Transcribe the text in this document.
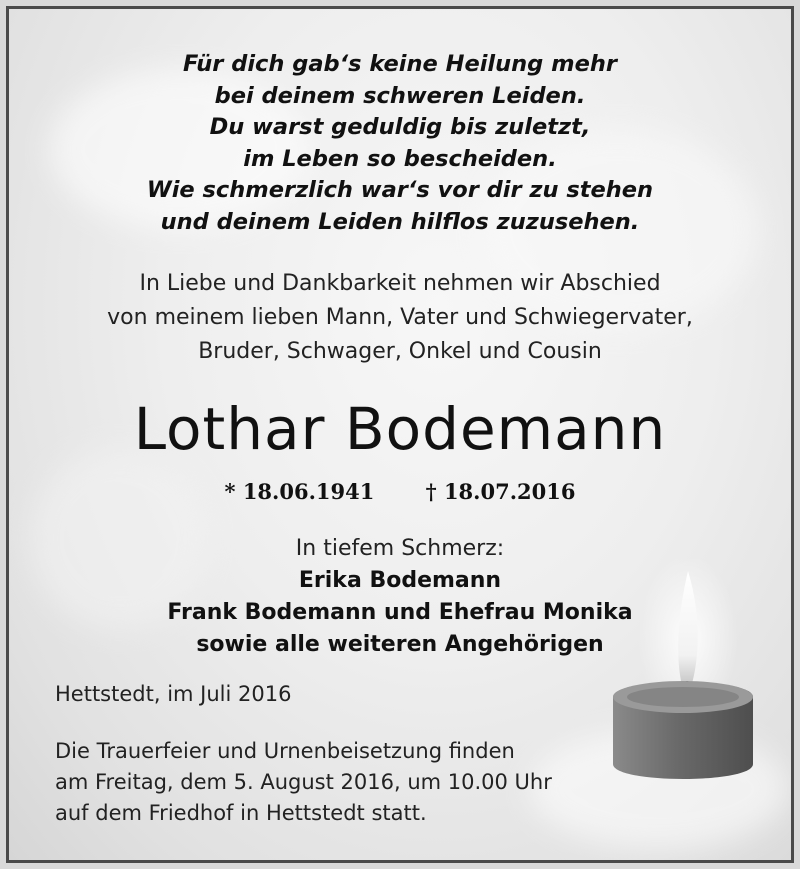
Für dich gab‘s keine Heilung mehr
bei deinem schweren Leiden.
Du warst geduldig bis zuletzt,
im Leben so bescheiden.
Wie schmerzlich war‘s vor dir zu stehen
und deinem Leiden hilflos zuzusehen.
In Liebe und Dankbarkeit nehmen wir Abschied
von meinem lieben Mann, Vater und Schwiegervater,
Bruder, Schwager, Onkel und Cousin
Lothar Bodemann
* 18.06.1941 † 18.07.2016
In tiefem Schmerz:
Erika Bodemann
Frank Bodemann und Ehefrau Monika
sowie alle weiteren Angehörigen
Hettstedt, im Juli 2016
Die Trauerfeier und Urnenbeisetzung finden
am Freitag, dem 5. August 2016, um 10.00 Uhr
auf dem Friedhof in Hettstedt statt.
